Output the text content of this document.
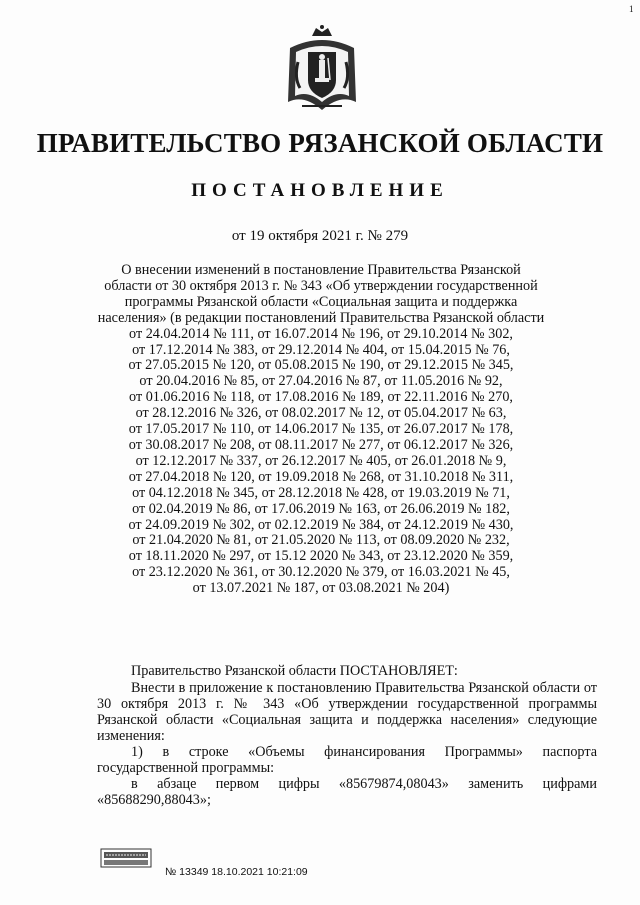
1
ПРАВИТЕЛЬСТВО РЯЗАНСКОЙ ОБЛАСТИ
ПОСТАНОВЛЕНИЕ
от 19 октября 2021 г. № 279
О внесении изменений в постановление Правительства Рязанской
области от 30 октября 2013 г. № 343 «Об утверждении государственной
программы Рязанской области «Социальная защита и поддержка
населения» (в редакции постановлений Правительства Рязанской области
от 24.04.2014 № 111, от 16.07.2014 № 196, от 29.10.2014 № 302,
от 17.12.2014 № 383, от 29.12.2014 № 404, от 15.04.2015 № 76,
от 27.05.2015 № 120, от 05.08.2015 № 190, от 29.12.2015 № 345,
от 20.04.2016 № 85, от 27.04.2016 № 87, от 11.05.2016 № 92,
от 01.06.2016 № 118, от 17.08.2016 № 189, от 22.11.2016 № 270,
от 28.12.2016 № 326, от 08.02.2017 № 12, от 05.04.2017 № 63,
от 17.05.2017 № 110, от 14.06.2017 № 135, от 26.07.2017 № 178,
от 30.08.2017 № 208, от 08.11.2017 № 277, от 06.12.2017 № 326,
от 12.12.2017 № 337, от 26.12.2017 № 405, от 26.01.2018 № 9,
от 27.04.2018 № 120, от 19.09.2018 № 268, от 31.10.2018 № 311,
от 04.12.2018 № 345, от 28.12.2018 № 428, от 19.03.2019 № 71,
от 02.04.2019 № 86, от 17.06.2019 № 163, от 26.06.2019 № 182,
от 24.09.2019 № 302, от 02.12.2019 № 384, от 24.12.2019 № 430,
от 21.04.2020 № 81, от 21.05.2020 № 113, от 08.09.2020 № 232,
от 18.11.2020 № 297, от 15.12 2020 № 343, от 23.12.2020 № 359,
от 23.12.2020 № 361, от 30.12.2020 № 379, от 16.03.2021 № 45,
от 13.07.2021 № 187, от 03.08.2021 № 204)

Правительство Рязанской области ПОСТАНОВЛЯЕТ:

Внести в приложение к постановлению Правительства Рязанской области от 30 октября 2013 г. № 343 «Об утверждении государственной программы Рязанской области «Социальная защита и поддержка населения» следующие изменения:

1) в строке «Объемы финансирования Программы» паспорта государственной программы:

в абзаце первом цифры «85679874,08043» заменить цифрами «85688290,88043»;

№ 13349 18.10.2021 10:21:09
